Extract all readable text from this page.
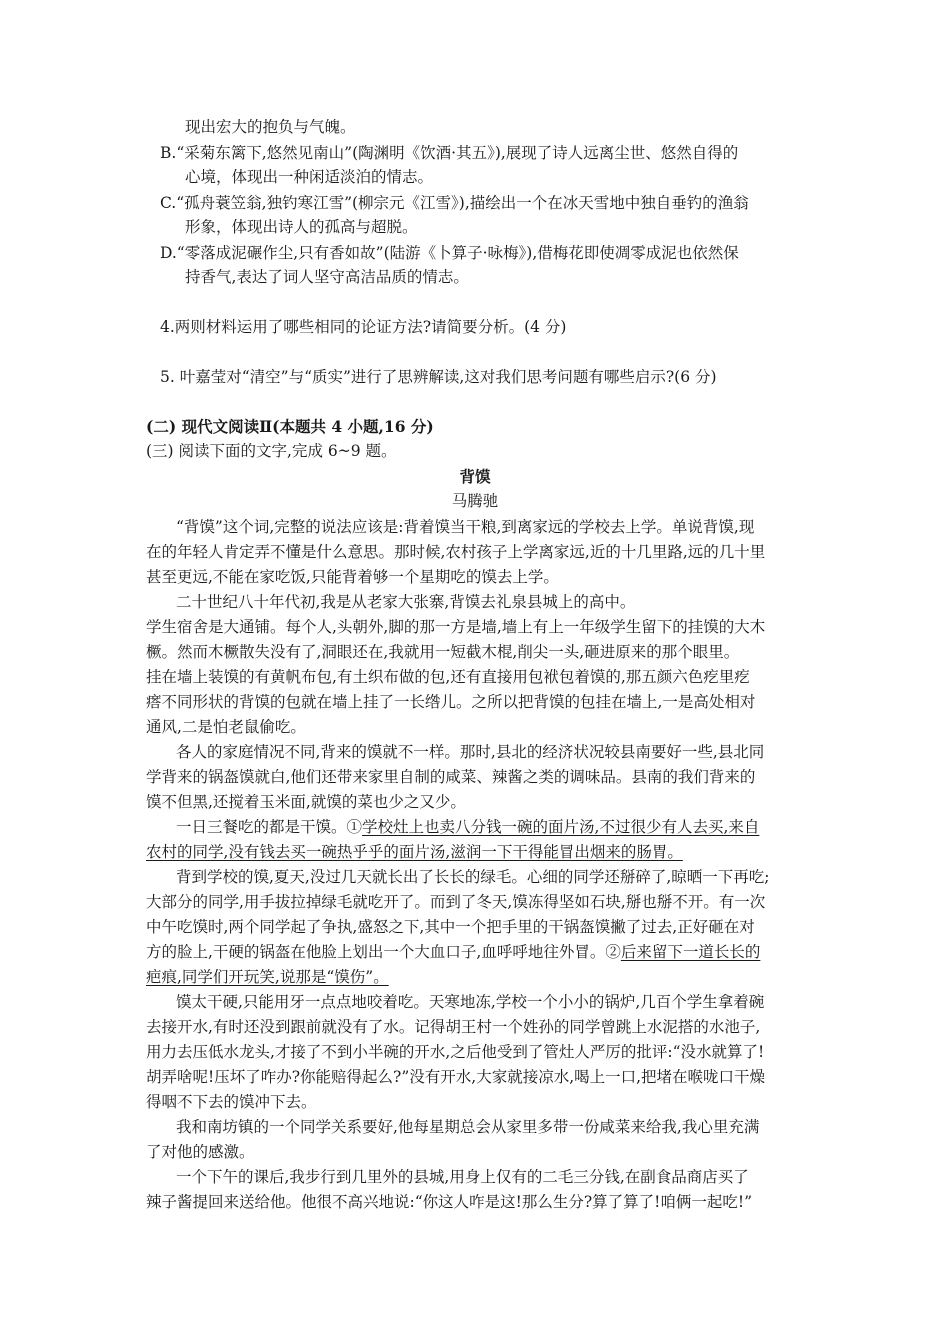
现出宏大的抱负与气魄。
B.“采菊东篱下,悠然见南山”(陶渊明《饮酒·其五》),展现了诗人远离尘世、悠然自得的
心境，体现出一种闲适淡泊的情志。
C.“孤舟蓑笠翁,独钓寒江雪”(柳宗元《江雪》),描绘出一个在冰天雪地中独自垂钓的渔翁
形象，体现出诗人的孤高与超脱。
D.“零落成泥碾作尘,只有香如故”(陆游《卜算子·咏梅》),借梅花即使凋零成泥也依然保
持香气,表达了词人坚守高洁品质的情志。
4.两则材料运用了哪些相同的论证方法?请简要分析。(4 分)
5. 叶嘉莹对“清空”与“质实”进行了思辨解读,这对我们思考问题有哪些启示?(6 分)
(二) 现代文阅读Ⅱ(本题共 4 小题,16 分)
(三) 阅读下面的文字,完成 6~9 题。
背馍
马腾驰
“背馍”这个词,完整的说法应该是:背着馍当干粮,到离家远的学校去上学。单说背馍,现
在的年轻人肯定弄不懂是什么意思。那时候,农村孩子上学离家远,近的十几里路,远的几十里
甚至更远,不能在家吃饭,只能背着够一个星期吃的馍去上学。
二十世纪八十年代初,我是从老家大张寨,背馍去礼泉县城上的高中。
学生宿舍是大通铺。每个人,头朝外,脚的那一方是墙,墙上有上一年级学生留下的挂馍的大木
橛。然而木橛散失没有了,洞眼还在,我就用一短截木棍,削尖一头,砸进原来的那个眼里。
挂在墙上装馍的有黄帆布包,有土织布做的包,还有直接用包袱包着馍的,那五颜六色疙里疙
瘩不同形状的背馍的包就在墙上挂了一长绺儿。之所以把背馍的包挂在墙上,一是高处相对
通风,二是怕老鼠偷吃。
各人的家庭情况不同,背来的馍就不一样。那时,县北的经济状况较县南要好一些,县北同
学背来的锅盔馍就白,他们还带来家里自制的咸菜、辣酱之类的调味品。县南的我们背来的
馍不但黑,还搅着玉米面,就馍的菜也少之又少。
一日三餐吃的都是干馍。①学校灶上也卖八分钱一碗的面片汤,不过很少有人去买,来自
农村的同学,没有钱去买一碗热乎乎的面片汤,滋润一下干得能冒出烟来的肠胃。
背到学校的馍,夏天,没过几天就长出了长长的绿毛。心细的同学还掰碎了,晾晒一下再吃;
大部分的同学,用手拔拉掉绿毛就吃开了。而到了冬天,馍冻得坚如石块,掰也掰不开。有一次
中午吃馍时,两个同学起了争执,盛怒之下,其中一个把手里的干锅盔馍撇了过去,正好砸在对
方的脸上,干硬的锅盔在他脸上划出一个大血口子,血呼呼地往外冒。②后来留下一道长长的
疤痕,同学们开玩笑,说那是“馍伤”。
馍太干硬,只能用牙一点点地咬着吃。天寒地冻,学校一个小小的锅炉,几百个学生拿着碗
去接开水,有时还没到跟前就没有了水。记得胡王村一个姓孙的同学曾跳上水泥搭的水池子,
用力去压低水龙头,才接了不到小半碗的开水,之后他受到了管灶人严厉的批评:“没水就算了!
胡弄啥呢!压坏了咋办?你能赔得起么?”没有开水,大家就接凉水,喝上一口,把堵在喉咙口干燥
得咽不下去的馍冲下去。
我和南坊镇的一个同学关系要好,他每星期总会从家里多带一份咸菜来给我,我心里充满
了对他的感激。
一个下午的课后,我步行到几里外的县城,用身上仅有的二毛三分钱,在副食品商店买了
辣子酱提回来送给他。他很不高兴地说:“你这人咋是这!那么生分?算了算了!咱俩一起吃!”
